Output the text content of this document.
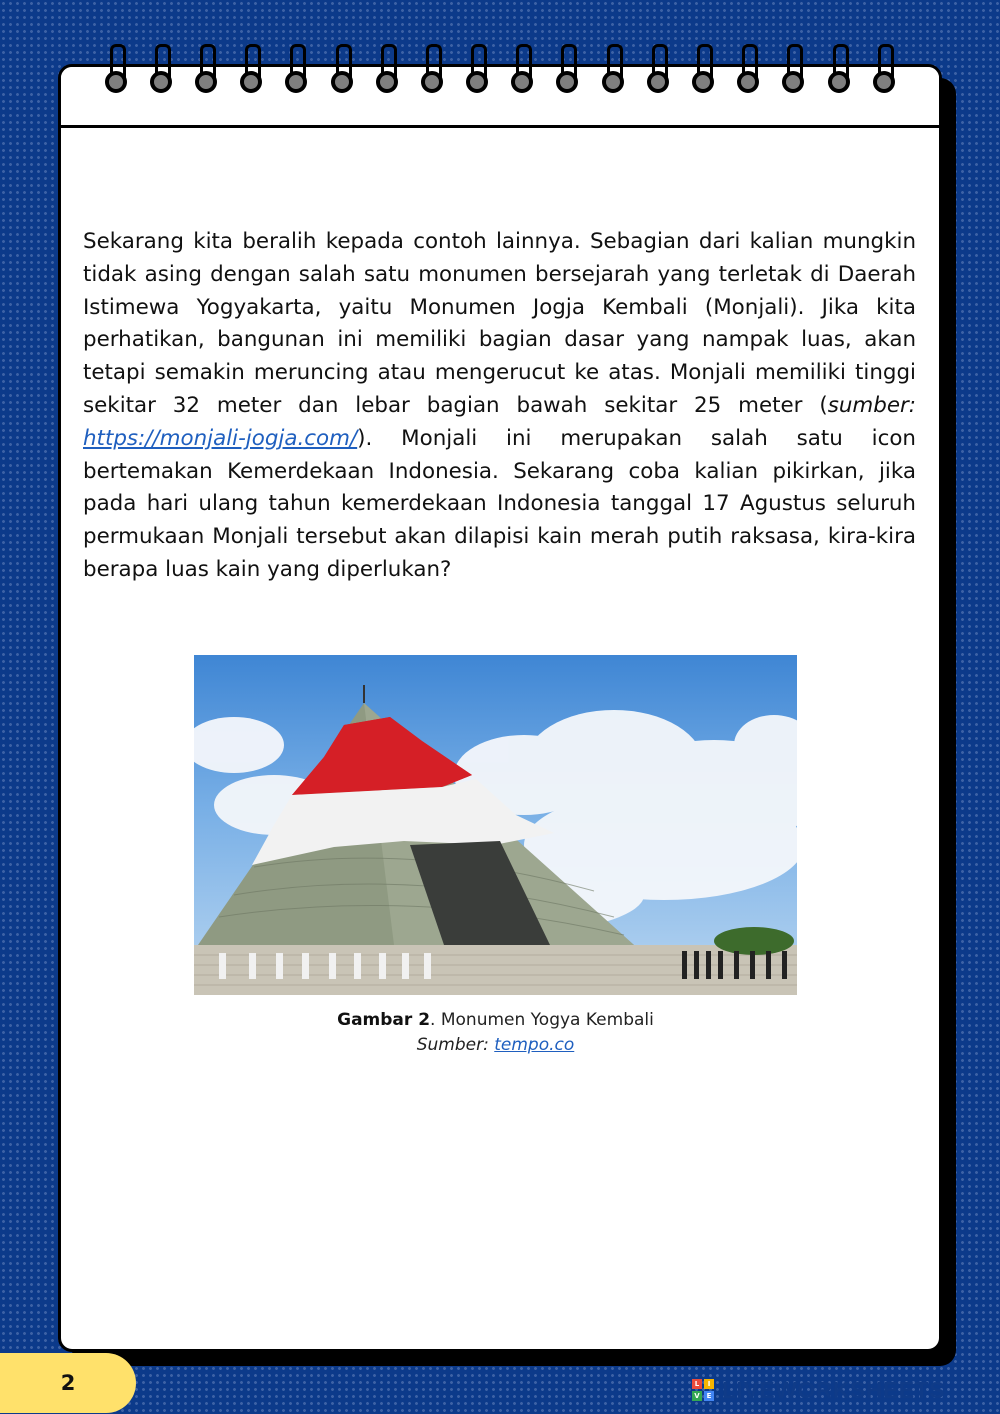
Sekarang kita beralih kepada contoh lainnya. Sebagian dari kalian mungkin tidak asing dengan salah satu monumen bersejarah yang terletak di Daerah Istimewa Yogyakarta, yaitu Monumen Jogja Kembali (Monjali). Jika kita perhatikan, bangunan ini memiliki bagian dasar yang nampak luas, akan tetapi semakin meruncing atau mengerucut ke atas. Monjali memiliki tinggi sekitar 32 meter dan lebar bagian bawah sekitar 25 meter (sumber: https://monjali-jogja.com/). Monjali ini merupakan salah satu icon bertemakan Kemerdekaan Indonesia. Sekarang coba kalian pikirkan, jika pada hari ulang tahun kemerdekaan Indonesia tanggal 17 Agustus seluruh permukaan Monjali tersebut akan dilapisi kain merah putih raksasa, kira-kira berapa luas kain yang diperlukan?

Gambar 2. Monumen Yogya Kembali
Sumber: tempo.co
2	L	I
V E LIVEWORKSHEETS
